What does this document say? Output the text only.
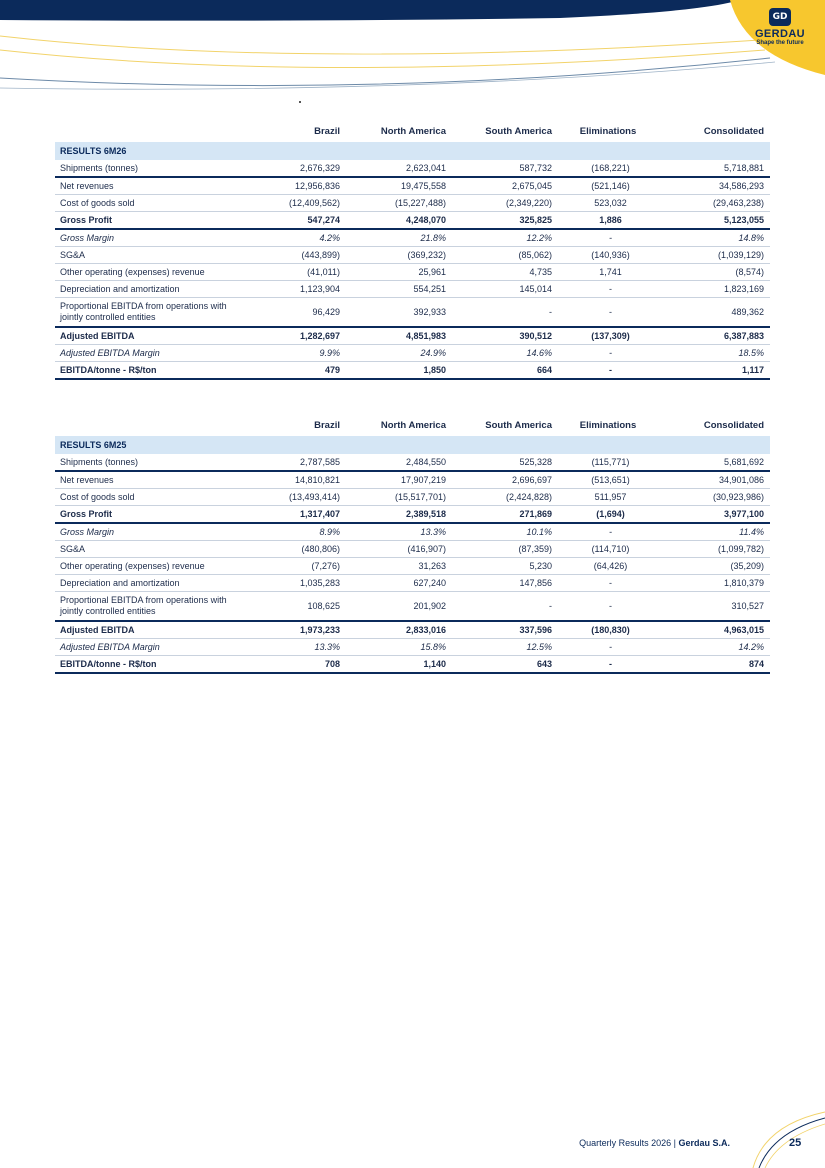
GD
GERDAU
Shape the future
	Brazil	North America	South America	Eliminations	Consolidated
RESULTS 6M26					
Shipments (tonnes)	2,676,329	2,623,041	587,732	(168,221)	5,718,881
Net revenues	12,956,836	19,475,558	2,675,045	(521,146)	34,586,293
Cost of goods sold	(12,409,562)	(15,227,488)	(2,349,220)	523,032	(29,463,238)
Gross Profit	547,274	4,248,070	325,825	1,886	5,123,055
Gross Margin	4.2%	21.8%	12.2%	-	14.8%
SG&A	(443,899)	(369,232)	(85,062)	(140,936)	(1,039,129)
Other operating (expenses) revenue	(41,011)	25,961	4,735	1,741	(8,574)
Depreciation and amortization	1,123,904	554,251	145,014	-	1,823,169
Proportional EBITDA from operations with jointly controlled entities	96,429	392,933	-	-	489,362
Adjusted EBITDA	1,282,697	4,851,983	390,512	(137,309)	6,387,883
Adjusted EBITDA Margin	9.9%	24.9%	14.6%	-	18.5%
EBITDA/tonne - R$/ton	479	1,850	664	-	1,117
	Brazil	North America	South America	Eliminations	Consolidated
RESULTS 6M25					
Shipments (tonnes)	2,787,585	2,484,550	525,328	(115,771)	5,681,692
Net revenues	14,810,821	17,907,219	2,696,697	(513,651)	34,901,086
Cost of goods sold	(13,493,414)	(15,517,701)	(2,424,828)	511,957	(30,923,986)
Gross Profit	1,317,407	2,389,518	271,869	(1,694)	3,977,100
Gross Margin	8.9%	13.3%	10.1%	-	11.4%
SG&A	(480,806)	(416,907)	(87,359)	(114,710)	(1,099,782)
Other operating (expenses) revenue	(7,276)	31,263	5,230	(64,426)	(35,209)
Depreciation and amortization	1,035,283	627,240	147,856	-	1,810,379
Proportional EBITDA from operations with jointly controlled entities	108,625	201,902	-	-	310,527
Adjusted EBITDA	1,973,233	2,833,016	337,596	(180,830)	4,963,015
Adjusted EBITDA Margin	13.3%	15.8%	12.5%	-	14.2%
EBITDA/tonne - R$/ton	708	1,140	643	-	874
Quarterly Results 2026 | Gerdau S.A.	25
